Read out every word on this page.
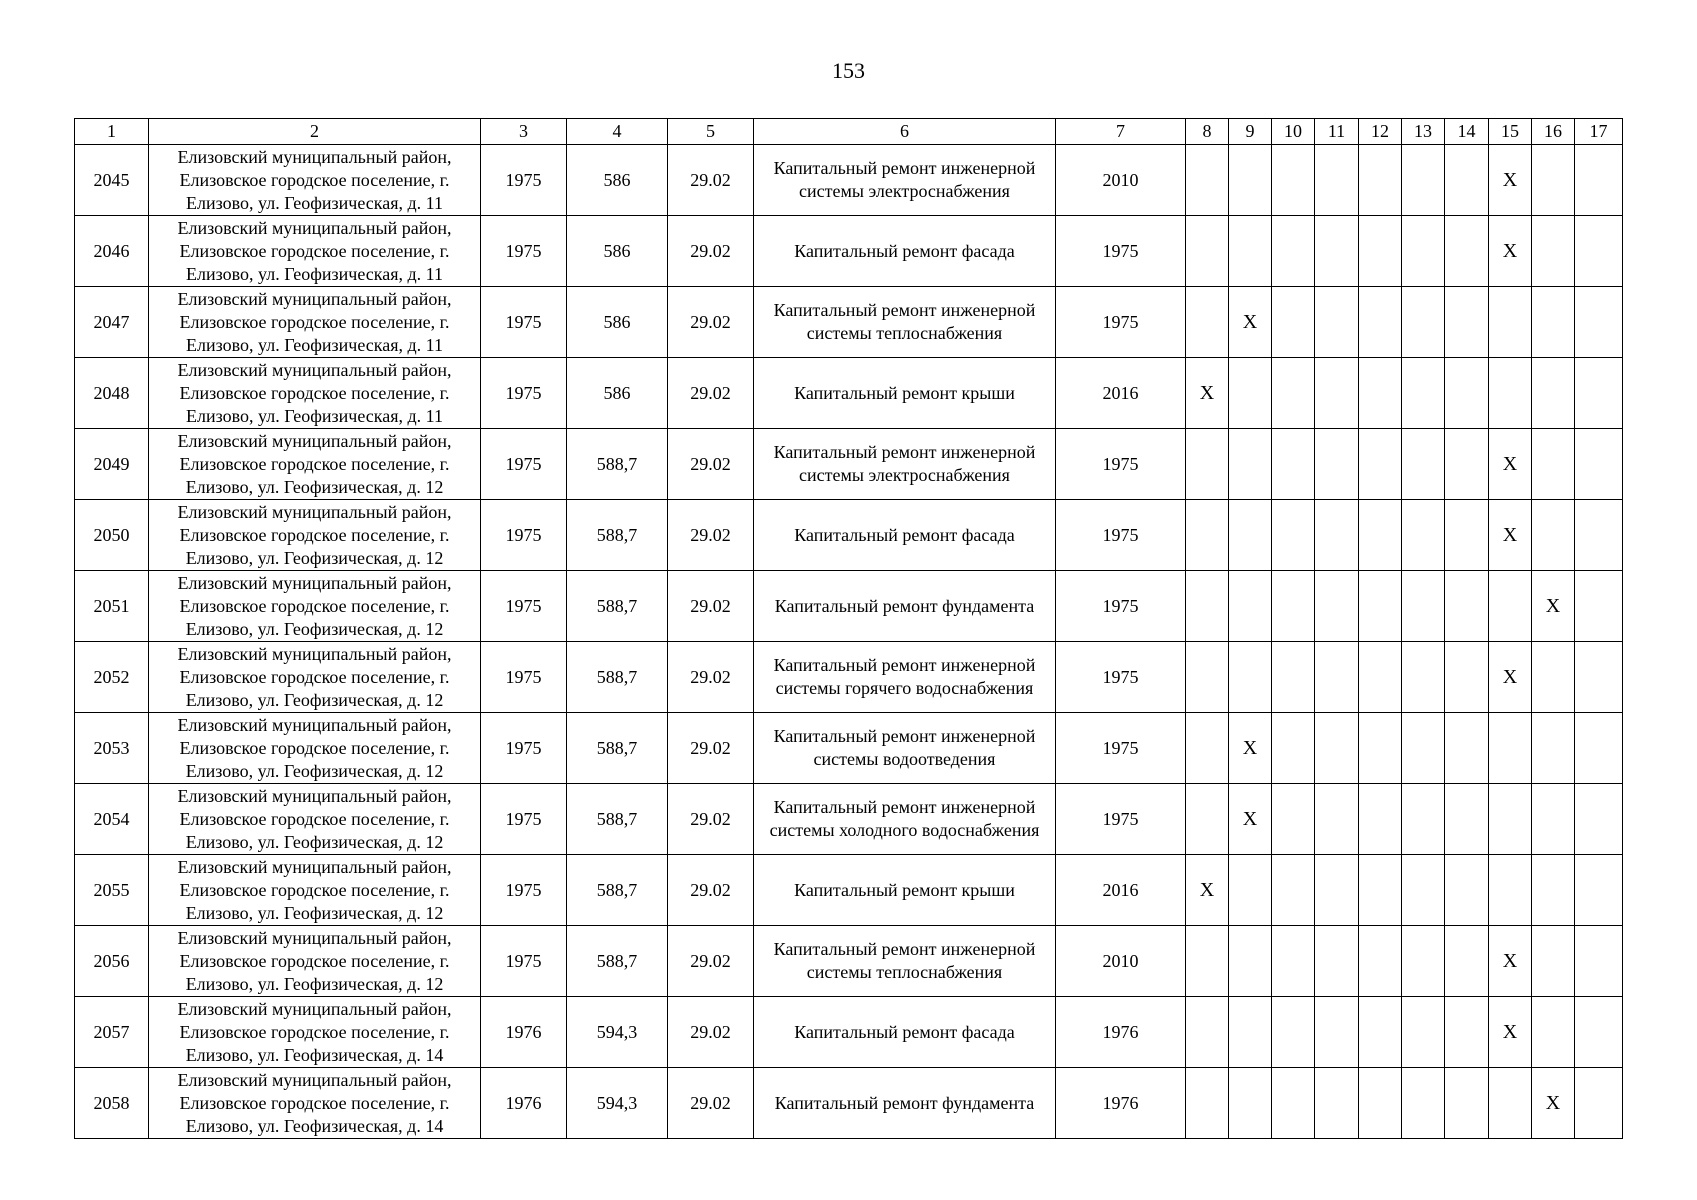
153
1	2	3	4	5	6	7	8	9	10	11	12	13	14	15	16	17
2045	Елизовский муниципальный район, Елизовское городское поселение, г. Елизово, ул. Геофизическая, д. 11	1975	586	29.02	Капитальный ремонт инженерной системы электроснабжения	2010								Х		
2046	Елизовский муниципальный район, Елизовское городское поселение, г. Елизово, ул. Геофизическая, д. 11	1975	586	29.02	Капитальный ремонт фасада	1975								Х		
2047	Елизовский муниципальный район, Елизовское городское поселение, г. Елизово, ул. Геофизическая, д. 11	1975	586	29.02	Капитальный ремонт инженерной системы теплоснабжения	1975		Х								
2048	Елизовский муниципальный район, Елизовское городское поселение, г. Елизово, ул. Геофизическая, д. 11	1975	586	29.02	Капитальный ремонт крыши	2016	Х									
2049	Елизовский муниципальный район, Елизовское городское поселение, г. Елизово, ул. Геофизическая, д. 12	1975	588,7	29.02	Капитальный ремонт инженерной системы электроснабжения	1975								Х		
2050	Елизовский муниципальный район, Елизовское городское поселение, г. Елизово, ул. Геофизическая, д. 12	1975	588,7	29.02	Капитальный ремонт фасада	1975								Х		
2051	Елизовский муниципальный район, Елизовское городское поселение, г. Елизово, ул. Геофизическая, д. 12	1975	588,7	29.02	Капитальный ремонт фундамента	1975									Х	
2052	Елизовский муниципальный район, Елизовское городское поселение, г. Елизово, ул. Геофизическая, д. 12	1975	588,7	29.02	Капитальный ремонт инженерной системы горячего водоснабжения	1975								Х		
2053	Елизовский муниципальный район, Елизовское городское поселение, г. Елизово, ул. Геофизическая, д. 12	1975	588,7	29.02	Капитальный ремонт инженерной системы водоотведения	1975		Х								
2054	Елизовский муниципальный район, Елизовское городское поселение, г. Елизово, ул. Геофизическая, д. 12	1975	588,7	29.02	Капитальный ремонт инженерной системы холодного водоснабжения	1975		Х								
2055	Елизовский муниципальный район, Елизовское городское поселение, г. Елизово, ул. Геофизическая, д. 12	1975	588,7	29.02	Капитальный ремонт крыши	2016	Х									
2056	Елизовский муниципальный район, Елизовское городское поселение, г. Елизово, ул. Геофизическая, д. 12	1975	588,7	29.02	Капитальный ремонт инженерной системы теплоснабжения	2010								Х		
2057	Елизовский муниципальный район, Елизовское городское поселение, г. Елизово, ул. Геофизическая, д. 14	1976	594,3	29.02	Капитальный ремонт фасада	1976								Х		
2058	Елизовский муниципальный район, Елизовское городское поселение, г. Елизово, ул. Геофизическая, д. 14	1976	594,3	29.02	Капитальный ремонт фундамента	1976									Х	
